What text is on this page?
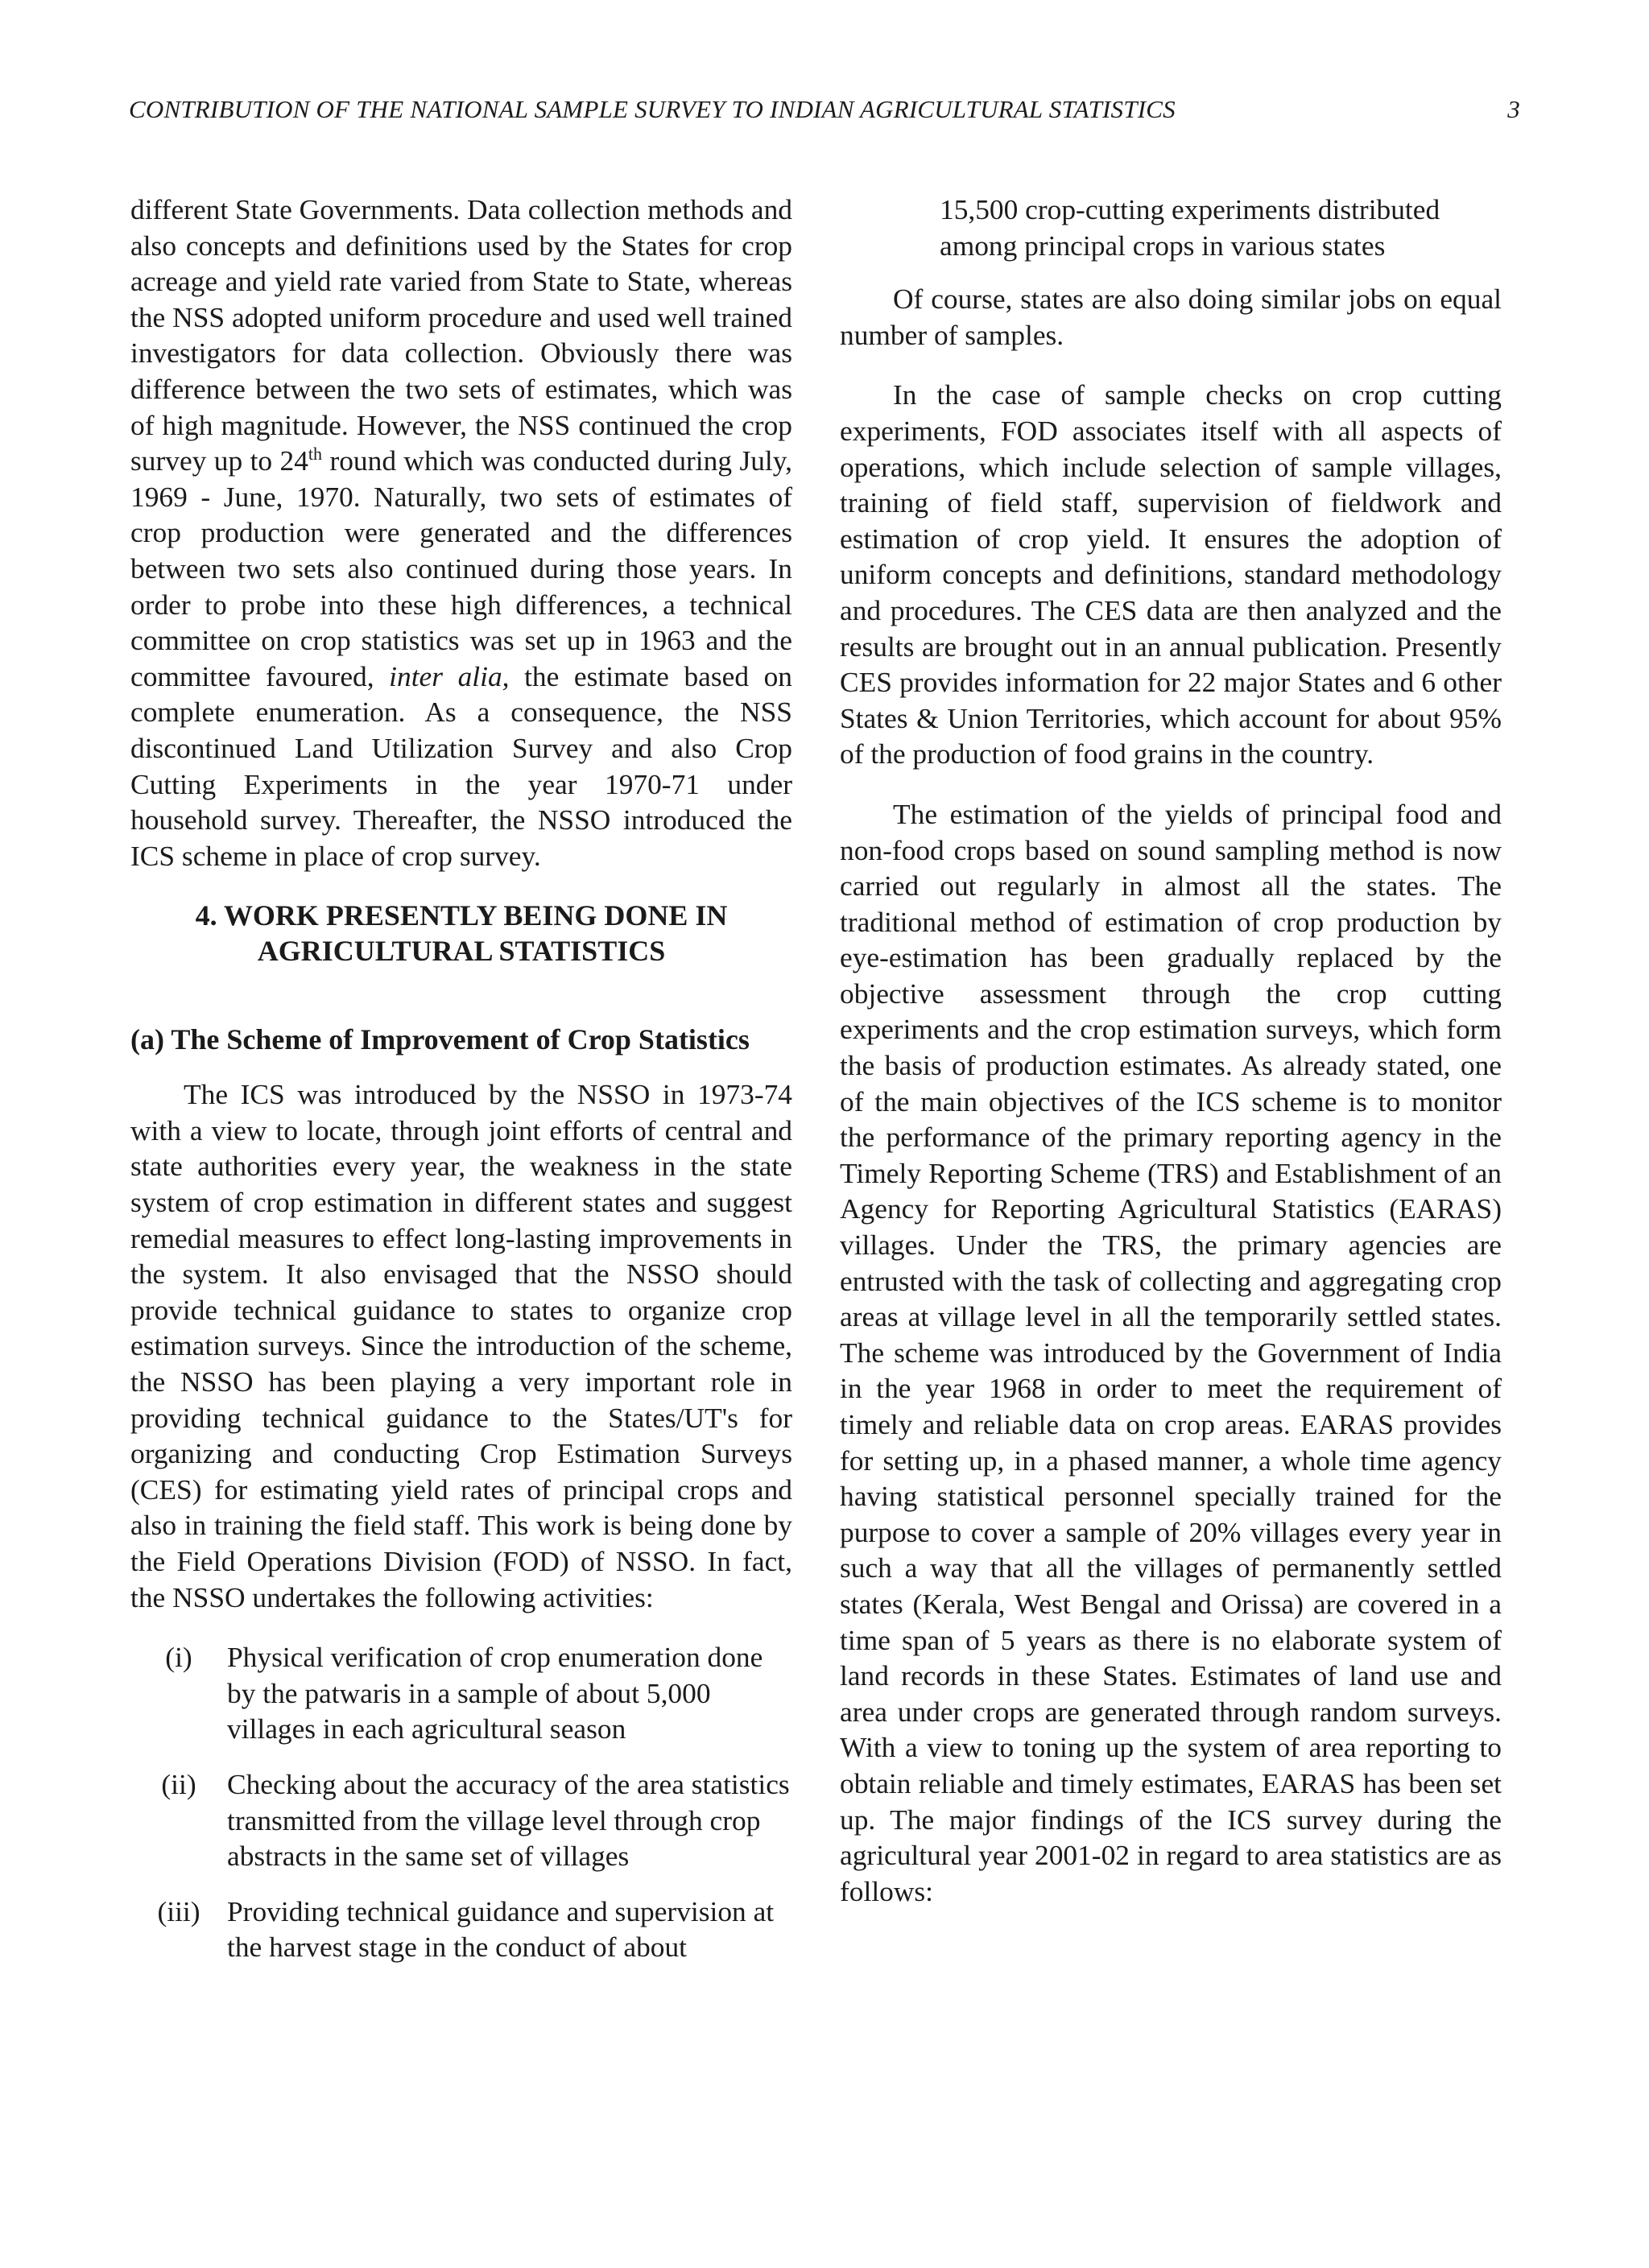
CONTRIBUTION OF THE NATIONAL SAMPLE SURVEY TO INDIAN AGRICULTURAL STATISTICS	3

different State Governments. Data collection methods and also concepts and definitions used by the States for crop acreage and yield rate varied from State to State, whereas the NSS adopted uniform procedure and used well trained investigators for data collection. Obviously there was difference between the two sets of estimates, which was of high magnitude. However, the NSS continued the crop survey up to 24th round which was conducted during July, 1969 - June, 1970. Naturally, two sets of estimates of crop production were generated and the differences between two sets also continued during those years. In order to probe into these high differences, a technical committee on crop statistics was set up in 1963 and the committee favoured, inter alia, the estimate based on complete enumeration. As a consequence, the NSS discontinued Land Utilization Survey and also Crop Cutting Experiments in the year 1970-71 under household survey. Thereafter, the NSSO introduced the ICS scheme in place of crop survey.

4. WORK PRESENTLY BEING DONE IN
AGRICULTURAL STATISTICS
(a) The Scheme of Improvement of Crop Statistics

The ICS was introduced by the NSSO in 1973-74 with a view to locate, through joint efforts of central and state authorities every year, the weakness in the state system of crop estimation in different states and suggest remedial measures to effect long-lasting improvements in the system. It also envisaged that the NSSO should provide technical guidance to states to organize crop estimation surveys. Since the introduction of the scheme, the NSSO has been playing a very important role in providing technical guidance to the States/UT's for organizing and conducting Crop Estimation Surveys (CES) for estimating yield rates of principal crops and also in training the field staff. This work is being done by the Field Operations Division (FOD) of NSSO. In fact, the NSSO undertakes the following activities:

(i)	Physical verification of crop enumeration done by the patwaris in a sample of about 5,000 villages in each agricultural season
(ii)	Checking about the accuracy of the area statistics transmitted from the village level through crop abstracts in the same set of villages
(iii) Providing technical guidance and supervision at the harvest stage in the conduct of about

15,500 crop-cutting experiments distributed among principal crops in various states

Of course, states are also doing similar jobs on equal number of samples.

In the case of sample checks on crop cutting experiments, FOD associates itself with all aspects of operations, which include selection of sample villages, training of field staff, supervision of fieldwork and estimation of crop yield. It ensures the adoption of uniform concepts and definitions, standard methodology and procedures. The CES data are then analyzed and the results are brought out in an annual publication. Presently CES provides information for 22 major States and 6 other States & Union Territories, which account for about 95% of the production of food grains in the country.

The estimation of the yields of principal food and non-food crops based on sound sampling method is now carried out regularly in almost all the states. The traditional method of estimation of crop production by eye-estimation has been gradually replaced by the objective assessment through the crop cutting experiments and the crop estimation surveys, which form the basis of production estimates. As already stated, one of the main objectives of the ICS scheme is to monitor the performance of the primary reporting agency in the Timely Reporting Scheme (TRS) and Establishment of an Agency for Reporting Agricultural Statistics (EARAS) villages. Under the TRS, the primary agencies are entrusted with the task of collecting and aggregating crop areas at village level in all the temporarily settled states. The scheme was introduced by the Government of India in the year 1968 in order to meet the requirement of timely and reliable data on crop areas. EARAS provides for setting up, in a phased manner, a whole time agency having statistical personnel specially trained for the purpose to cover a sample of 20% villages every year in such a way that all the villages of permanently settled states (Kerala, West Bengal and Orissa) are covered in a time span of 5 years as there is no elaborate system of land records in these States. Estimates of land use and area under crops are generated through random surveys. With a view to toning up the system of area reporting to obtain reliable and timely estimates, EARAS has been set up. The major findings of the ICS survey during the agricultural year 2001-02 in regard to area statistics are as follows:
